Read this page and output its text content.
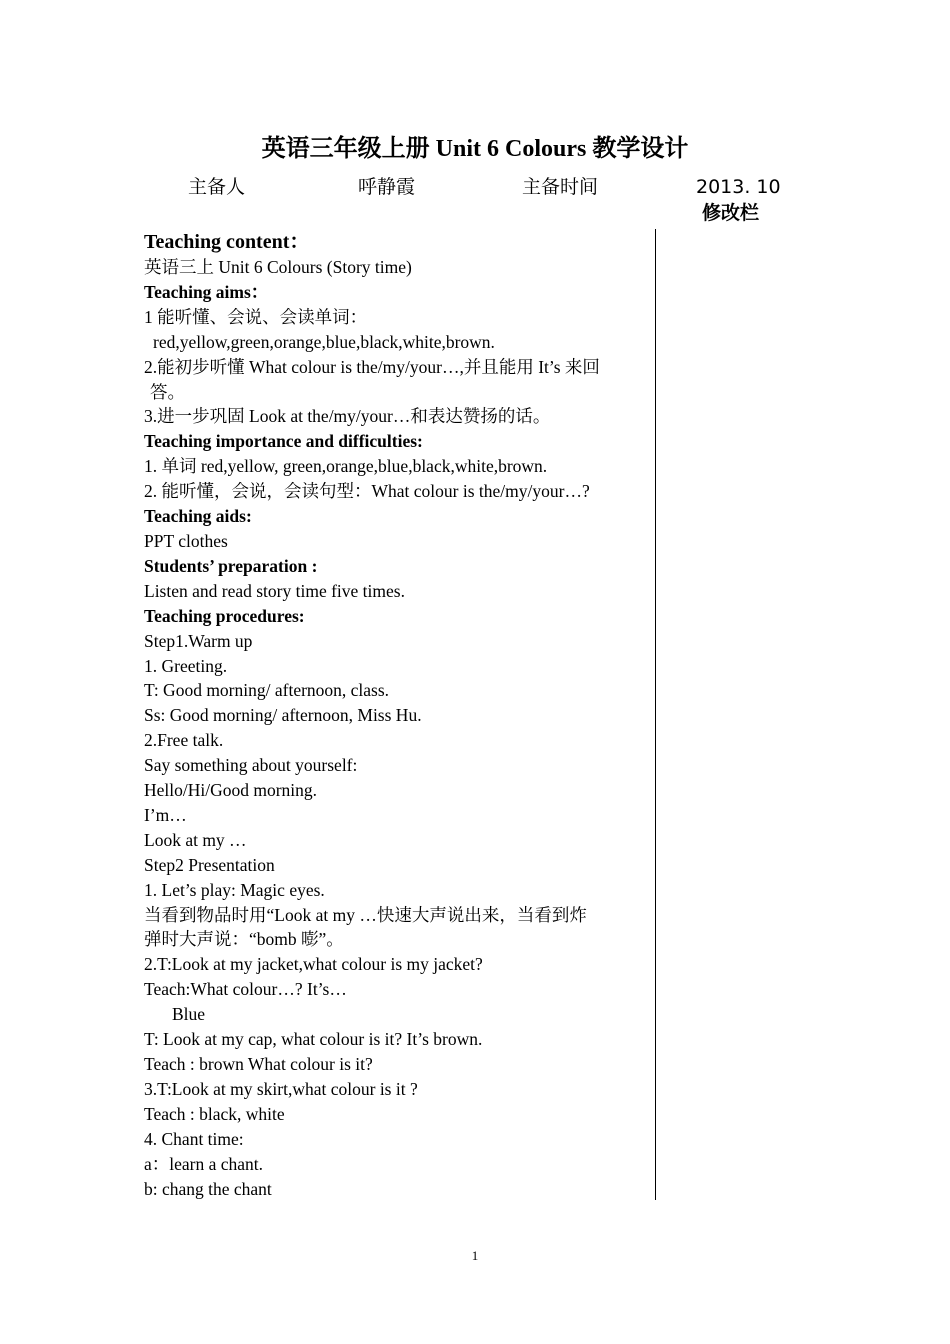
英语三年级上册 Unit 6 Colours 教学设计
主备人	呼静霞	主备时间	2013. 10
修改栏
Teaching content：
英语三上 Unit 6 Colours (Story time)
Teaching aims：
1 能听懂、会说、会读单词：
red,yellow,green,orange,blue,black,white,brown.
2.能初步听懂 What colour is the/my/your…,并且能用 It’s 来回
答。
3.进一步巩固 Look at the/my/your…和表达赞扬的话。
Teaching importance and difficulties:
1. 单词 red,yellow, green,orange,blue,black,white,brown.
2. 能听懂，会说，会读句型：What colour is the/my/your…?
Teaching aids:
PPT clothes
Students’ preparation :
Listen and read story time five times.
Teaching procedures:
Step1.Warm up
1. Greeting.
T: Good morning/ afternoon, class.
Ss: Good morning/ afternoon, Miss Hu.
2.Free talk.
Say something about yourself:
Hello/Hi/Good morning.
I’m…
Look at my …
Step2 Presentation
1. Let’s play: Magic eyes.
当看到物品时用“Look at my …快速大声说出来，当看到炸
弹时大声说：“bomb 嘭”。
2.T:Look at my jacket,what colour is my jacket?
Teach:What colour…? It’s…
Blue
T: Look at my cap, what colour is it? It’s brown.
Teach : brown What colour is it?
3.T:Look at my skirt,what colour is it ?
Teach : black, white
4. Chant time:
a：learn a chant.
b: chang the chant
1
